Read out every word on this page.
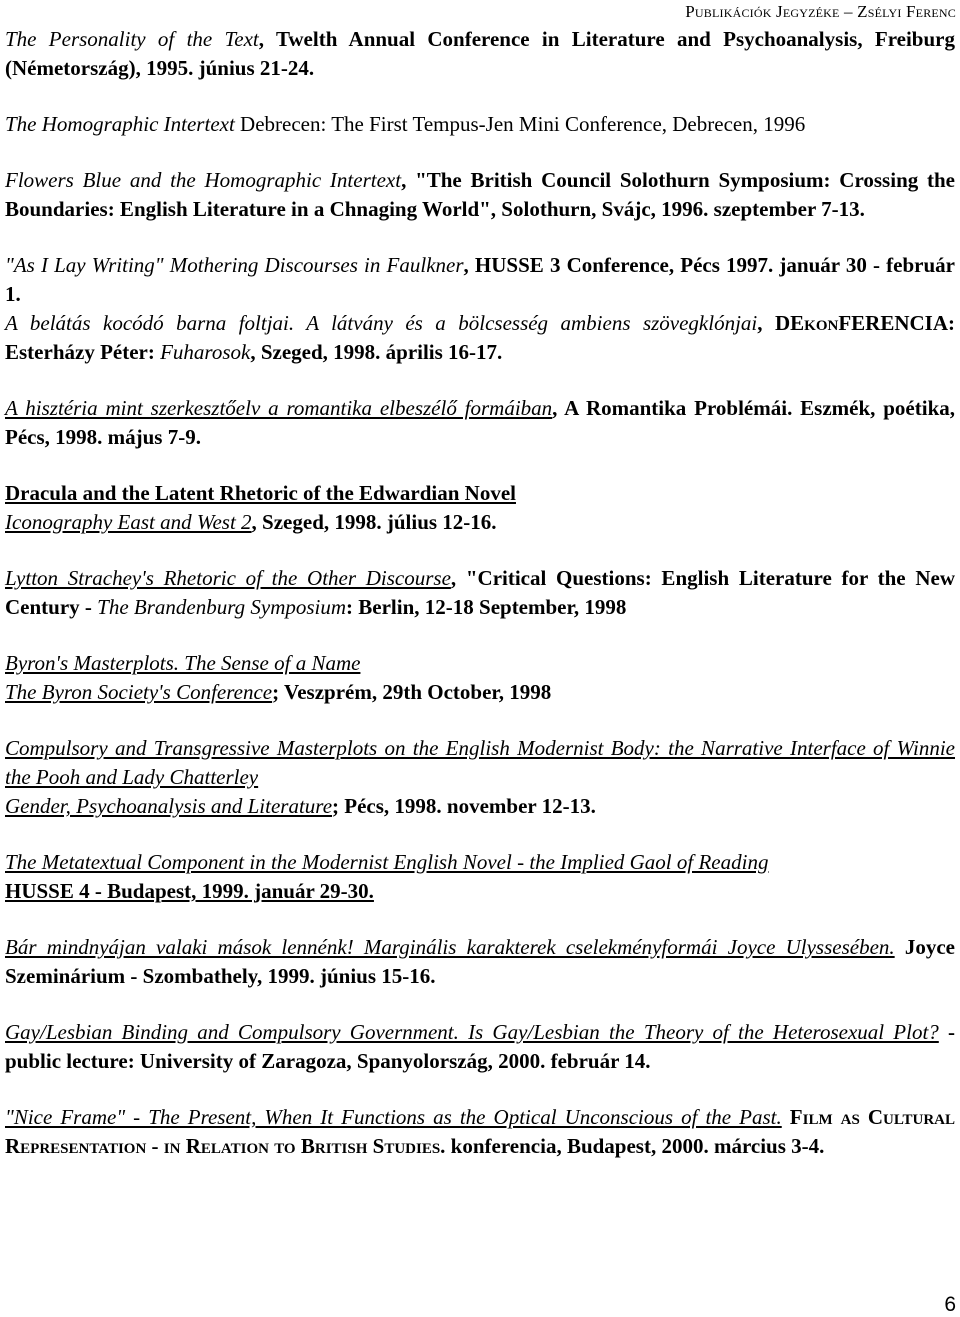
Publikációk Jegyzéke – Zsélyi Ferenc

The Personality of the Text, Twelth Annual Conference in Literature and Psychoanalysis, Freiburg (Németország), 1995. június 21-24.

The Homographic Intertext Debrecen: The First Tempus-Jen Mini Conference, Debrecen, 1996

Flowers Blue and the Homographic Intertext, "The British Council Solothurn Symposium: Crossing the Boundaries: English Literature in a Chnaging World", Solothurn, Svájc, 1996. szeptember 7-13.

"As I Lay Writing" Mothering Discourses in Faulkner, HUSSE 3 Conference, Pécs 1997. január 30 - február 1.

A belátás kocódó barna foltjai. A látvány és a bölcsesség ambiens szövegklónjai, DEkonFERENCIA: Esterházy Péter: Fuharosok, Szeged, 1998. április 16-17.

A hisztéria mint szerkesztőelv a romantika elbeszélő formáiban, A Romantika Problémái. Eszmék, poétika, Pécs, 1998. május 7-9.

Dracula and the Latent Rhetoric of the Edwardian Novel
Iconography East and West 2, Szeged, 1998. július 12-16.

Lytton Strachey's Rhetoric of the Other Discourse, "Critical Questions: English Literature for the New Century - The Brandenburg Symposium: Berlin, 12-18 September, 1998

Byron's Masterplots. The Sense of a Name
The Byron Society's Conference; Veszprém, 29th October, 1998

Compulsory and Transgressive Masterplots on the English Modernist Body: the Narrative Interface of Winnie the Pooh and Lady Chatterley
Gender, Psychoanalysis and Literature; Pécs, 1998. november 12-13.

The Metatextual Component in the Modernist English Novel - the Implied Gaol of Reading
HUSSE 4 - Budapest, 1999. január 29-30.

Bár mindnyájan valaki mások lennénk! Marginális karakterek cselekményformái Joyce Ulyssesében. Joyce Szeminárium - Szombathely, 1999. június 15-16.

Gay/Lesbian Binding and Compulsory Government. Is Gay/Lesbian the Theory of the Heterosexual Plot? - public lecture: University of Zaragoza, Spanyolország, 2000. február 14.

"Nice Frame" - The Present, When It Functions as the Optical Unconscious of the Past. Film as Cultural Representation - in Relation to British Studies. konferencia, Budapest, 2000. március 3-4.

6
